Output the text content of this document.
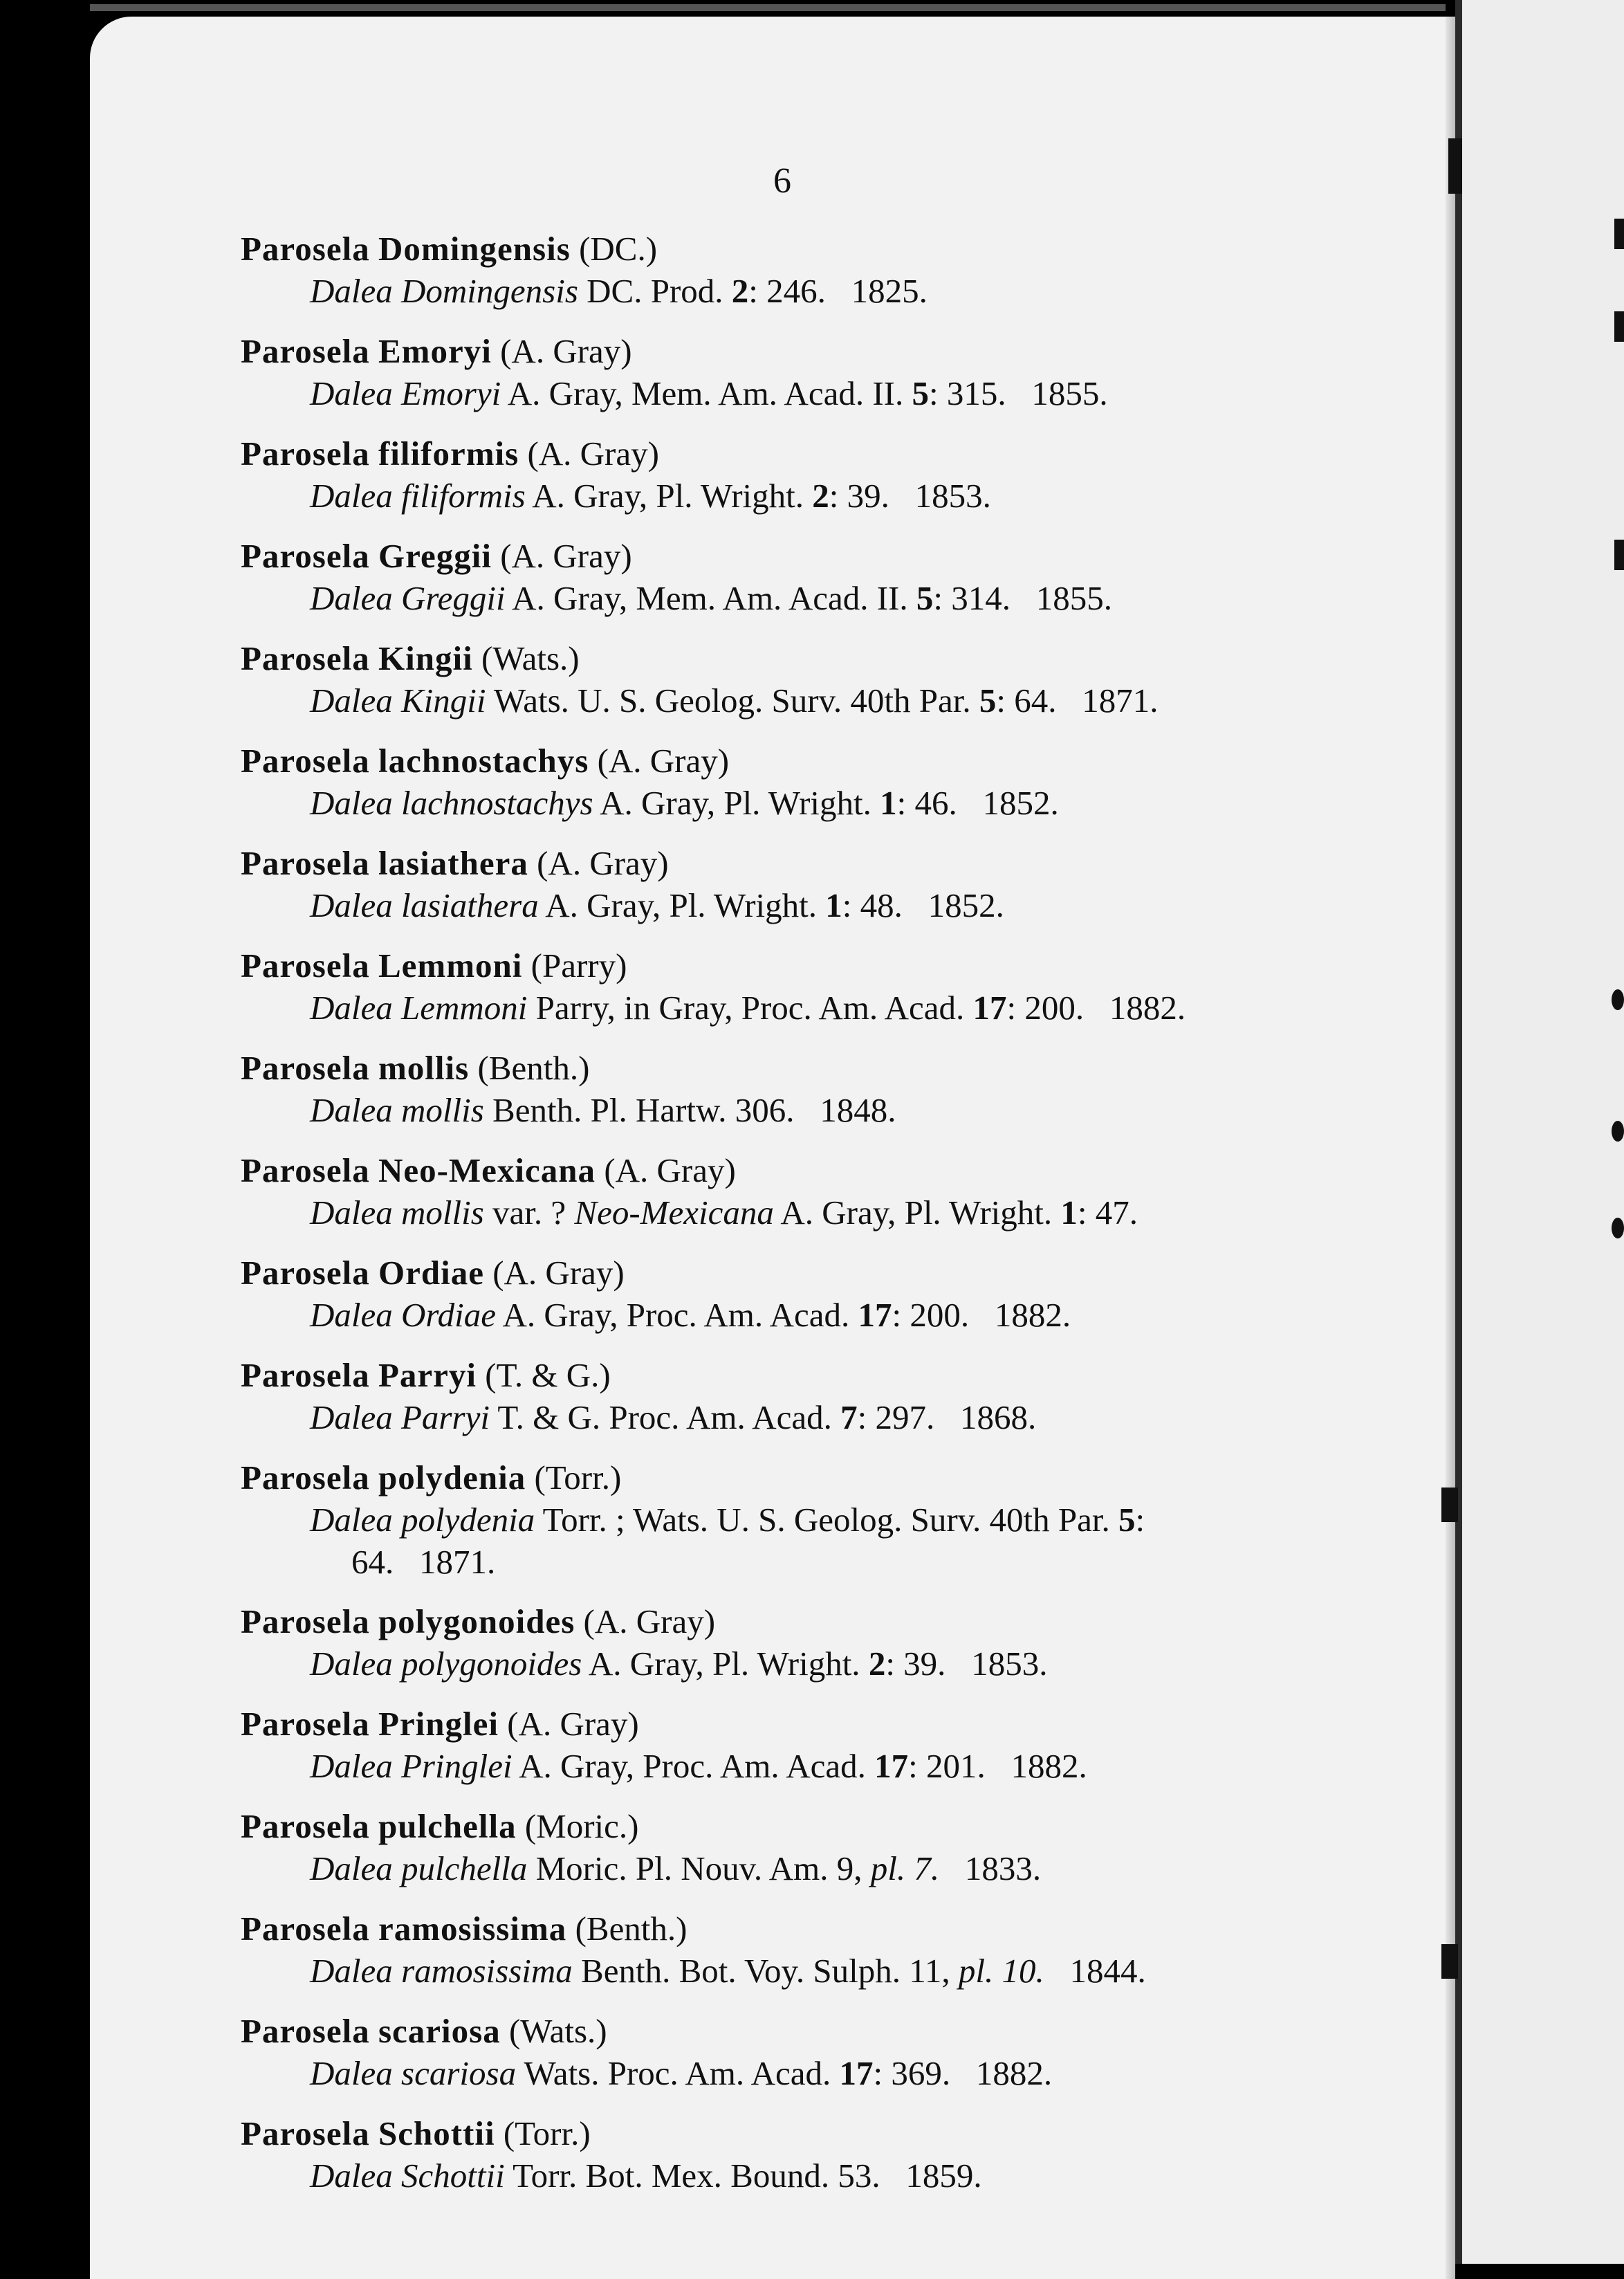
6
Parosela Domingensis (DC.)
Dalea Domingensis DC. Prod. 2: 246. 1825.
Parosela Emoryi (A. Gray)
Dalea Emoryi A. Gray, Mem. Am. Acad. II. 5: 315. 1855.
Parosela filiformis (A. Gray)
Dalea filiformis A. Gray, Pl. Wright. 2: 39. 1853.
Parosela Greggii (A. Gray)
Dalea Greggii A. Gray, Mem. Am. Acad. II. 5: 314. 1855.
Parosela Kingii (Wats.)
Dalea Kingii Wats. U. S. Geolog. Surv. 40th Par. 5: 64. 1871.
Parosela lachnostachys (A. Gray)
Dalea lachnostachys A. Gray, Pl. Wright. 1: 46. 1852.
Parosela lasiathera (A. Gray)
Dalea lasiathera A. Gray, Pl. Wright. 1: 48. 1852.
Parosela Lemmoni (Parry)
Dalea Lemmoni Parry, in Gray, Proc. Am. Acad. 17: 200. 1882.
Parosela mollis (Benth.)
Dalea mollis Benth. Pl. Hartw. 306. 1848.
Parosela Neo-Mexicana (A. Gray)
Dalea mollis var. ? Neo-Mexicana A. Gray, Pl. Wright. 1: 47.
Parosela Ordiae (A. Gray)
Dalea Ordiae A. Gray, Proc. Am. Acad. 17: 200. 1882.
Parosela Parryi (T. & G.)
Dalea Parryi T. & G. Proc. Am. Acad. 7: 297. 1868.
Parosela polydenia (Torr.)
Dalea polydenia Torr. ; Wats. U. S. Geolog. Surv. 40th Par. 5:
64.   1871.
Parosela polygonoides (A. Gray)
Dalea polygonoides A. Gray, Pl. Wright. 2: 39. 1853.
Parosela Pringlei (A. Gray)
Dalea Pringlei A. Gray, Proc. Am. Acad. 17: 201. 1882.
Parosela pulchella (Moric.)
Dalea pulchella Moric. Pl. Nouv. Am. 9, pl. 7. 1833.
Parosela ramosissima (Benth.)
Dalea ramosissima Benth. Bot. Voy. Sulph. 11, pl. 10. 1844.
Parosela scariosa (Wats.)
Dalea scariosa Wats. Proc. Am. Acad. 17: 369. 1882.
Parosela Schottii (Torr.)
Dalea Schottii Torr. Bot. Mex. Bound. 53. 1859.
